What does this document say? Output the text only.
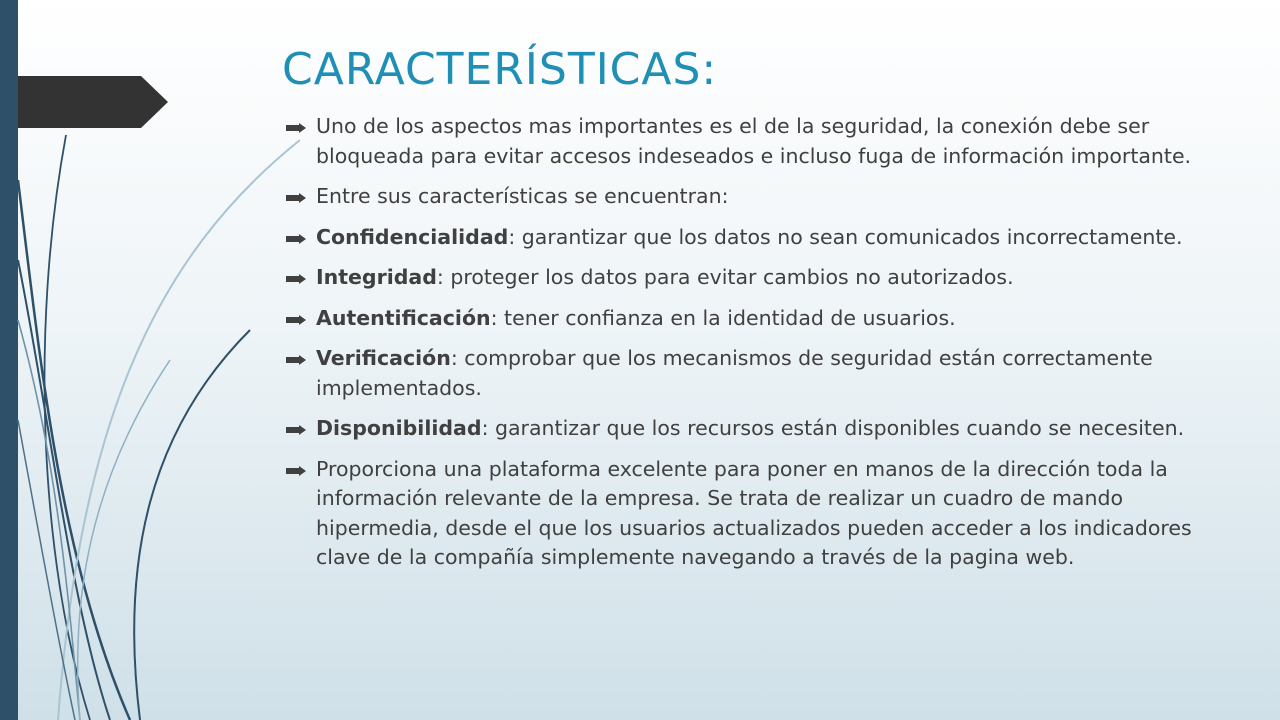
CARACTERÍSTICAS:
Uno de los aspectos mas importantes es el de la seguridad, la conexión debe ser bloqueada para evitar accesos indeseados e incluso fuga de información importante.
Entre sus características se encuentran:
Confidencialidad: garantizar que los datos no sean comunicados incorrectamente.
Integridad: proteger los datos para evitar cambios no autorizados.
Autentificación: tener confianza en la identidad de usuarios.
Verificación: comprobar que los mecanismos de seguridad están correctamente implementados.
Disponibilidad: garantizar que los recursos están disponibles cuando se necesiten.
Proporciona una plataforma excelente para poner en manos de la dirección toda la información relevante de la empresa. Se trata de realizar un cuadro de mando hipermedia, desde el que los usuarios actualizados pueden acceder a los indicadores clave de la compañía simplemente navegando a través de la pagina web.
